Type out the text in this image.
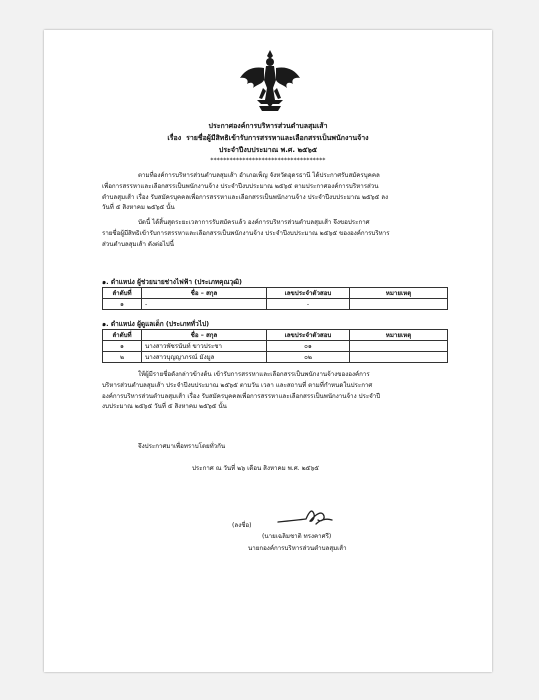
ประกาศองค์การบริหารส่วนตำบลสุมเส้า
เรื่อง รายชื่อผู้มีสิทธิเข้ารับการสรรหาและเลือกสรรเป็นพนักงานจ้าง
ประจำปีงบประมาณ พ.ศ. ๒๕๖๕
************************************
ตามที่องค์การบริหารส่วนตำบลสุมเส้า อำเภอเพ็ญ จังหวัดอุดรธานี ได้ประกาศรับสมัครบุคคล
เพื่อการสรรหาและเลือกสรรเป็นพนักงานจ้าง ประจำปีงบประมาณ ๒๕๖๕ ตามประกาศองค์การบริหารส่วน
ตำบลสุมเส้า เรื่อง รับสมัครบุคคลเพื่อการสรรหาและเลือกสรรเป็นพนักงานจ้าง ประจำปีงบประมาณ ๒๕๖๕ ลง
วันที่ ๕ สิงหาคม ๒๕๖๕ นั้น
บัดนี้ ได้สิ้นสุดระยะเวลาการรับสมัครแล้ว องค์การบริหารส่วนตำบลสุมเส้า จึงขอประกาศ
รายชื่อผู้มีสิทธิเข้ารับการสรรหาและเลือกสรรเป็นพนักงานจ้าง ประจำปีงบประมาณ ๒๕๖๕ ขององค์การบริหาร
ส่วนตำบลสุมเส้า ดังต่อไปนี้
๑. ตำแหน่ง ผู้ช่วยนายช่างไฟฟ้า (ประเภทคุณวุฒิ)
ลำดับที่	ชื่อ – สกุล	เลขประจำตัวสอบ	หมายเหตุ
๑	-	-	
๑. ตำแหน่ง ผู้ดูแลเด็ก (ประเภททั่วไป)
ลำดับที่	ชื่อ – สกุล	เลขประจำตัวสอบ	หมายเหตุ
๑	นางสาวพัชรนันท์ ขาวประชา	๐๑	
๒	นางสาวบุญญาภรณ์ มังมูล	๐๒	
ให้ผู้มีรายชื่อดังกล่าวข้างต้น เข้ารับการสรรหาและเลือกสรรเป็นพนักงานจ้างขององค์การ
บริหารส่วนตำบลสุมเส้า ประจำปีงบประมาณ ๒๕๖๕ ตามวัน เวลา และสถานที่ ตามที่กำหนดในประกาศ
องค์การบริหารส่วนตำบลสุมเส้า เรื่อง รับสมัครบุคคลเพื่อการสรรหาและเลือกสรรเป็นพนักงานจ้าง ประจำปี
งบประมาณ ๒๕๖๕ วันที่ ๕ สิงหาคม ๒๕๖๕ นั้น
จึงประกาศมาเพื่อทราบโดยทั่วกัน
ประกาศ ณ วันที่ ๒๖ เดือน สิงหาคม พ.ศ. ๒๕๖๕
(ลงชื่อ)
(นายเฉลิมชาติ ทรงคาศรี)
นายกองค์การบริหารส่วนตำบลสุมเส้า
